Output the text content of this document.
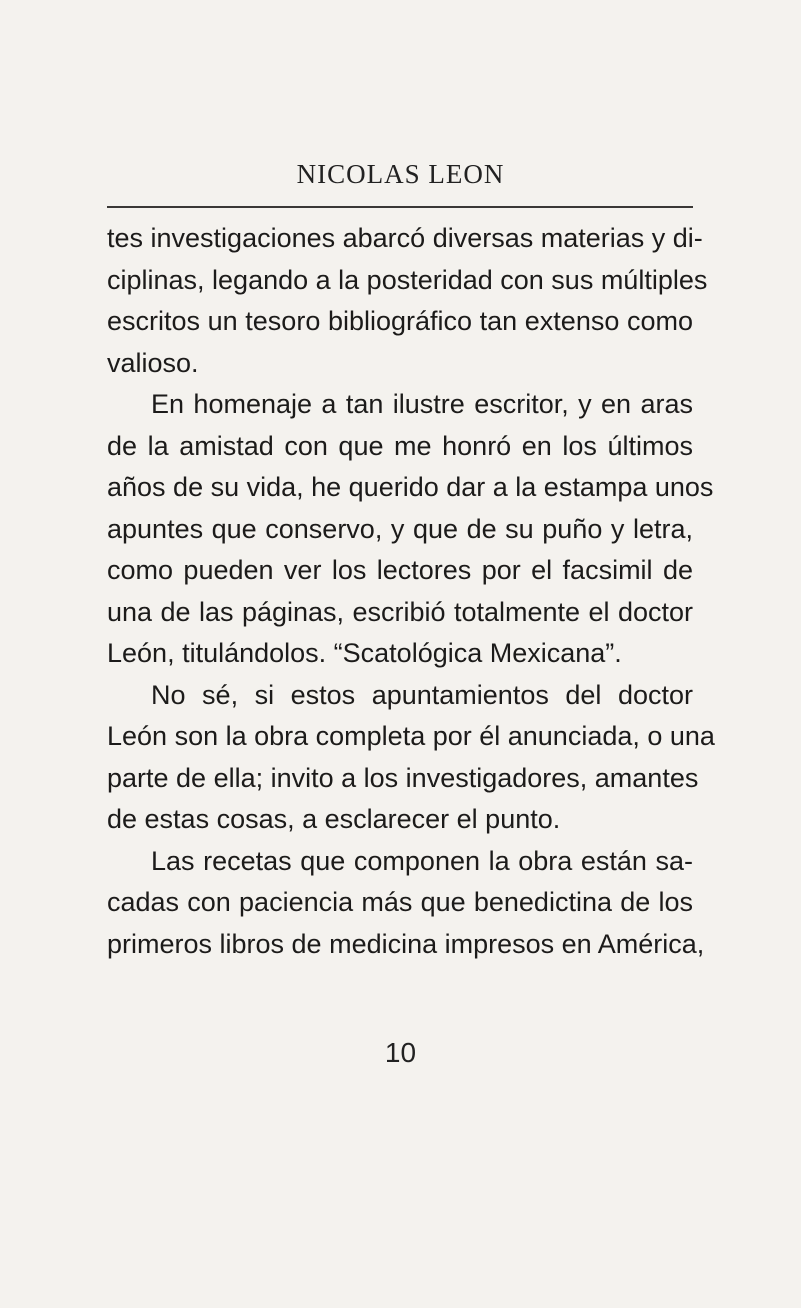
NICOLAS LEON
tes investigaciones abarcó diversas materias y di-
ciplinas, legando a la posteridad con sus múltiples
escritos un tesoro bibliográfico tan extenso como
valioso.
En homenaje a tan ilustre escritor, y en aras
de la amistad con que me honró en los últimos
años de su vida, he querido dar a la estampa unos
apuntes que conservo, y que de su puño y letra,
como pueden ver los lectores por el facsimil de
una de las páginas, escribió totalmente el doctor
León, titulándolos. “Scatológica Mexicana”.
No sé, si estos apuntamientos del doctor
León son la obra completa por él anunciada, o una
parte de ella; invito a los investigadores, amantes
de estas cosas, a esclarecer el punto.
Las recetas que componen la obra están sa-
cadas con paciencia más que benedictina de los
primeros libros de medicina impresos en América,
10
